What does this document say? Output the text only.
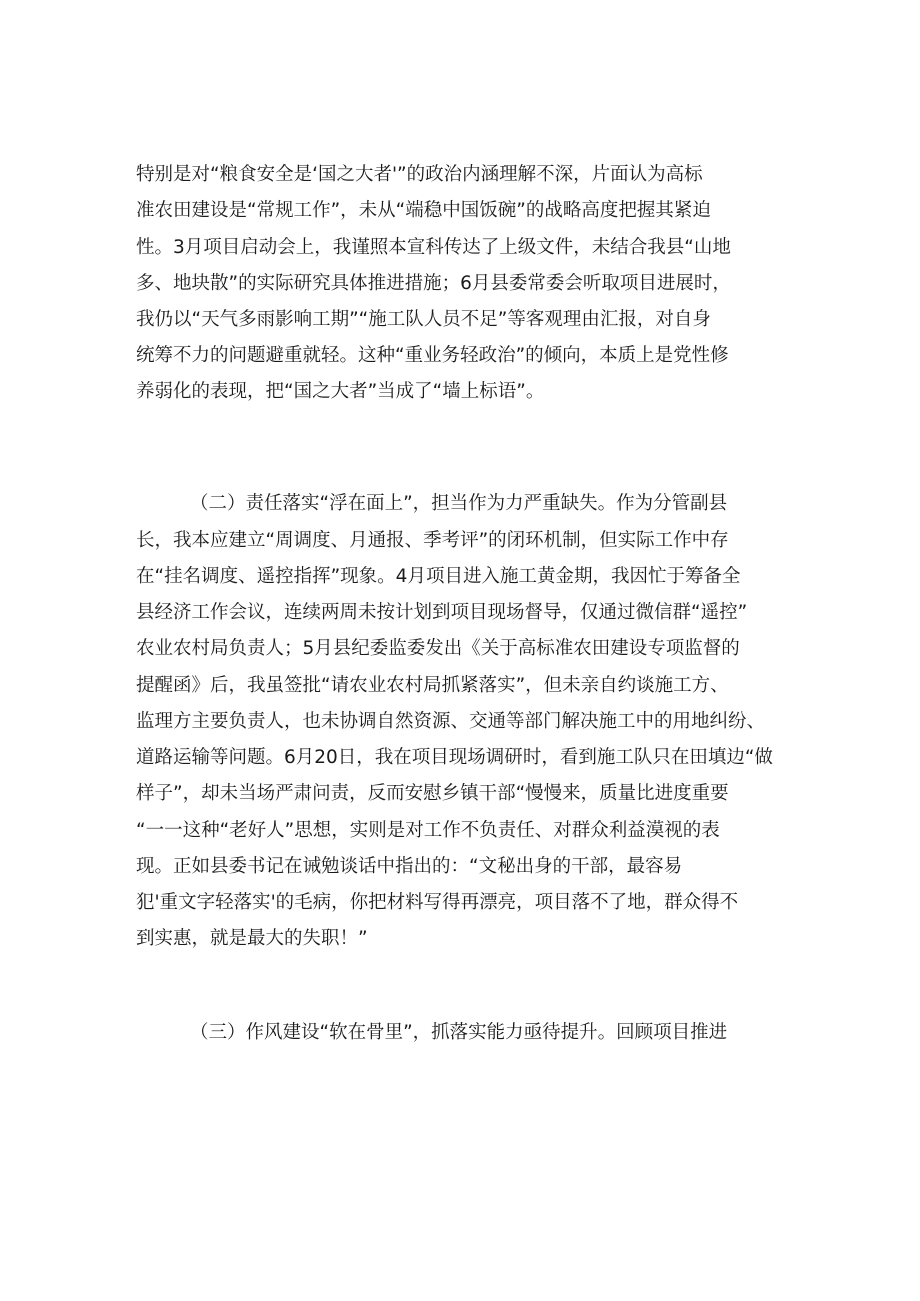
特别是对“粮食安全是‘国之大者'”的政治内涵理解不深，片面认为高标
准农田建设是“常规工作”，未从“端稳中国饭碗”的战略高度把握其紧迫
性。3月项目启动会上，我谨照本宣科传达了上级文件，未结合我县“山地
多、地块散”的实际研究具体推进措施；6月县委常委会听取项目进展时，
我仍以“天气多雨影响工期”“施工队人员不足”等客观理由汇报，对自身
统筹不力的问题避重就轻。这种“重业务轻政治”的倾向，本质上是党性修
养弱化的表现，把“国之大者”当成了“墙上标语”。
（二）责任落实“浮在面上”，担当作为力严重缺失。作为分管副县
长，我本应建立“周调度、月通报、季考评”的闭环机制，但实际工作中存
在“挂名调度、遥控指挥”现象。4月项目进入施工黄金期，我因忙于筹备全
县经济工作会议，连续两周未按计划到项目现场督导，仅通过微信群“遥控”
农业农村局负责人；5月县纪委监委发出《关于高标准农田建设专项监督的
提醒函》后，我虽签批“请农业农村局抓紧落实”，但未亲自约谈施工方、
监理方主要负责人，也未协调自然资源、交通等部门解决施工中的用地纠纷、
道路运输等问题。6月20日，我在项目现场调研时，看到施工队只在田填边“做
样子”，却未当场严肃问责，反而安慰乡镇干部“慢慢来，质量比进度重要
“一一这种“老好人”思想，实则是对工作不负责任、对群众利益漠视的表
现。正如县委书记在诫勉谈话中指出的：“文秘出身的干部，最容易
犯'重文字轻落实'的毛病，你把材料写得再漂亮，项目落不了地，群众得不
到实惠，就是最大的失职！”
（三）作风建设“软在骨里”，抓落实能力亟待提升。回顾项目推进
